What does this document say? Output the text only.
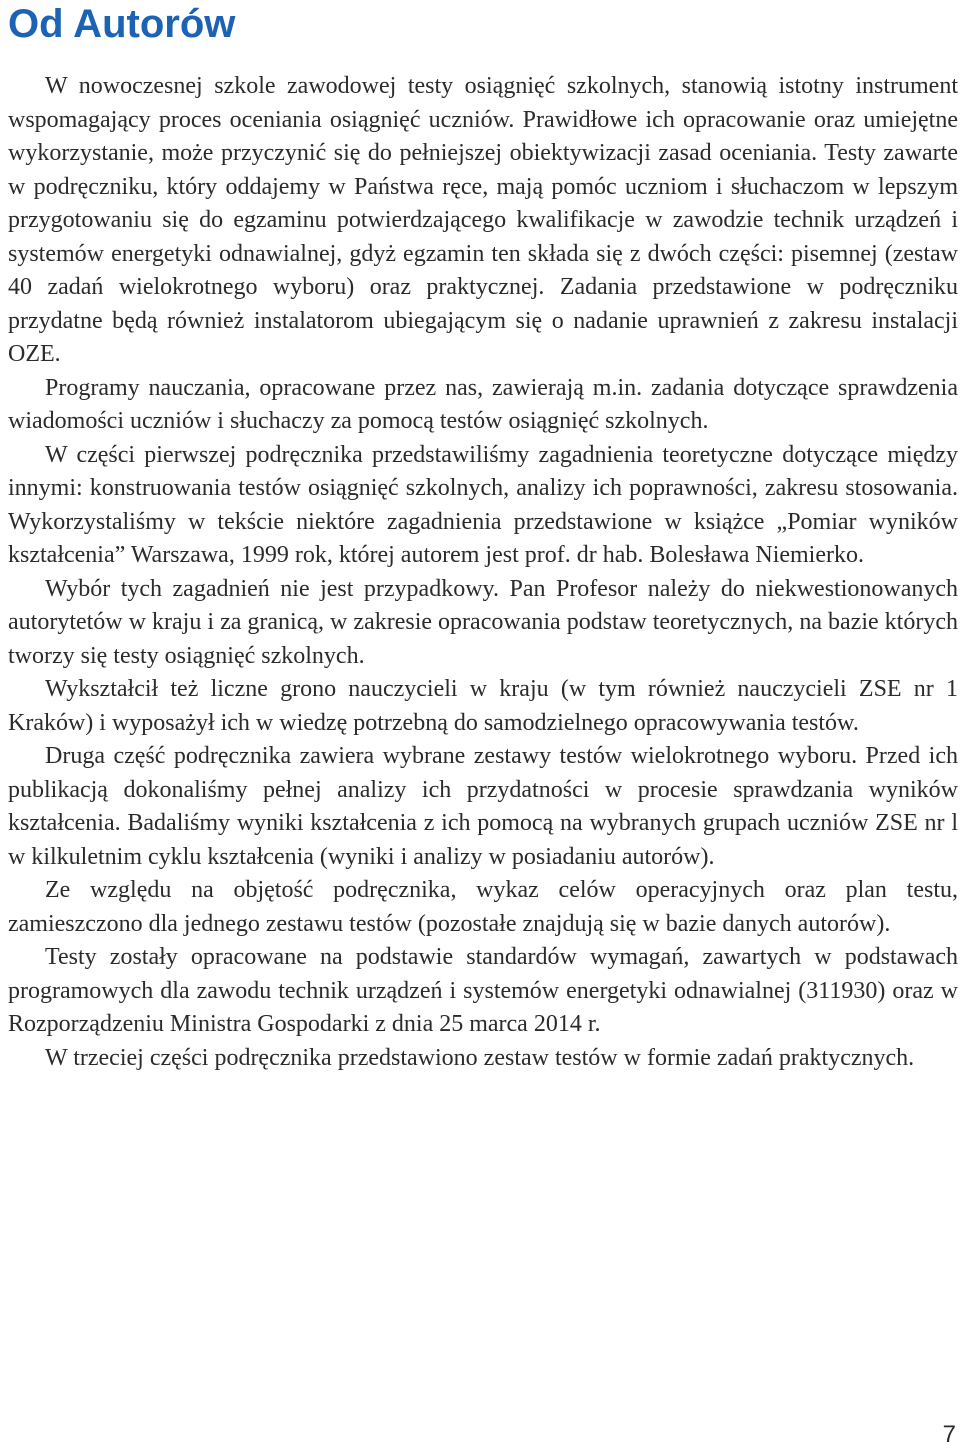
Od Autorów

W nowoczesnej szkole zawodowej testy osiągnięć szkolnych, stanowią istotny instrument wspomagający proces oceniania osiągnięć uczniów. Prawidłowe ich opracowanie oraz umiejętne wykorzystanie, może przyczynić się do pełniejszej obiektywizacji zasad oceniania. Testy zawarte w podręczniku, który oddajemy w Państwa ręce, mają pomóc uczniom i słuchaczom w lepszym przygotowaniu się do egzaminu potwierdzającego kwalifikacje w zawodzie technik urządzeń i systemów energetyki odnawialnej, gdyż egzamin ten składa się z dwóch części: pisemnej (zestaw 40 zadań wielokrotnego wyboru) oraz praktycznej. Zadania przedstawione w podręczniku przydatne będą również instalatorom ubiegającym się o nadanie uprawnień z zakresu instalacji OZE.

Programy nauczania, opracowane przez nas, zawierają m.in. zadania dotyczące sprawdzenia wiadomości uczniów i słuchaczy za pomocą testów osiągnięć szkolnych.

W części pierwszej podręcznika przedstawiliśmy zagadnienia teoretyczne dotyczące między innymi: konstruowania testów osiągnięć szkolnych, analizy ich poprawności, zakresu stosowania. Wykorzystaliśmy w tekście niektóre zagadnienia przedstawione w książce „Pomiar wyników kształcenia” Warszawa, 1999 rok, której autorem jest prof. dr hab. Bolesława Niemierko.

Wybór tych zagadnień nie jest przypadkowy. Pan Profesor należy do niekwestionowanych autorytetów w kraju i za granicą, w zakresie opracowania podstaw teoretycznych, na bazie których tworzy się testy osiągnięć szkolnych.

Wykształcił też liczne grono nauczycieli w kraju (w tym również nauczycieli ZSE nr 1 Kraków) i wyposażył ich w wiedzę potrzebną do samodzielnego opracowywania testów.

Druga część podręcznika zawiera wybrane zestawy testów wielokrotnego wyboru. Przed ich publikacją dokonaliśmy pełnej analizy ich przydatności w procesie sprawdzania wyników kształcenia. Badaliśmy wyniki kształcenia z ich pomocą na wybranych grupach uczniów ZSE nr l w kilkuletnim cyklu kształcenia (wyniki i analizy w posiadaniu autorów).

Ze względu na objętość podręcznika, wykaz celów operacyjnych oraz plan testu, zamieszczono dla jednego zestawu testów (pozostałe znajdują się w bazie danych autorów).

Testy zostały opracowane na podstawie standardów wymagań, zawartych w podstawach programowych dla zawodu technik urządzeń i systemów energetyki odnawialnej (311930) oraz w Rozporządzeniu Ministra Gospodarki z dnia 25 marca 2014 r.

W trzeciej części podręcznika przedstawiono zestaw testów w formie zadań praktycznych.

7
